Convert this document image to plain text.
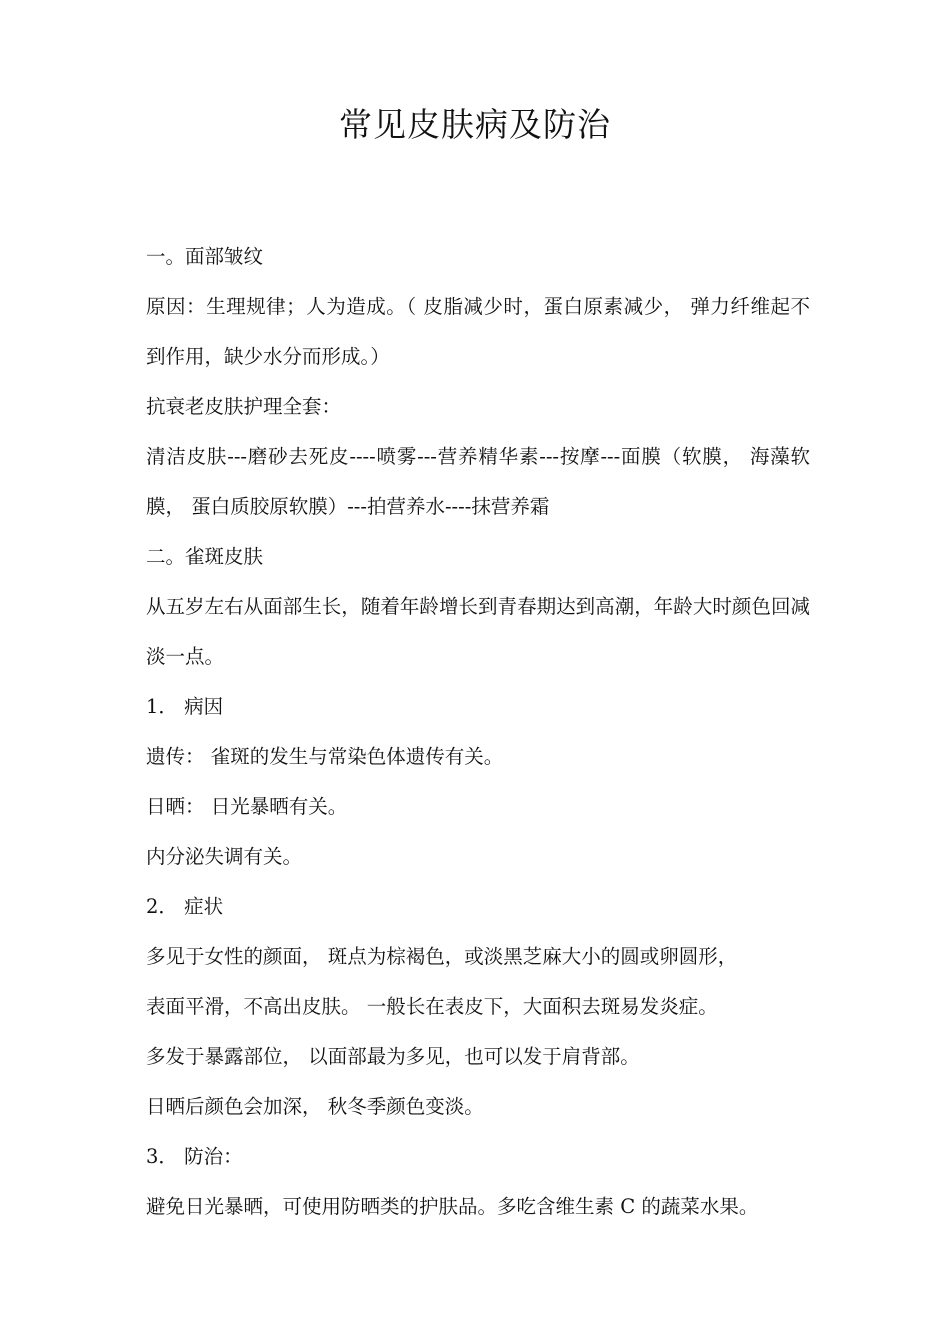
常见皮肤病及防治

一。面部皱纹

原因：生理规律；人为造成。（ 皮脂减少时，蛋白原素减少， 弹力纤维起不到作用，缺少水分而形成。）

抗衰老皮肤护理全套：

清洁皮肤---磨砂去死皮----喷雾---营养精华素---按摩---面膜（软膜， 海藻软膜， 蛋白质胶原软膜）---拍营养水----抹营养霜

二。雀斑皮肤

从五岁左右从面部生长，随着年龄增长到青春期达到高潮，年龄大时颜色回减淡一点。

1． 病因

遗传： 雀斑的发生与常染色体遗传有关。

日晒： 日光暴晒有关。

内分泌失调有关。

2． 症状

多见于女性的颜面， 斑点为棕褐色，或淡黑芝麻大小的圆或卵圆形，

表面平滑，不高出皮肤。 一般长在表皮下，大面积去斑易发炎症。

多发于暴露部位， 以面部最为多见，也可以发于肩背部。

日晒后颜色会加深， 秋冬季颜色变淡。

3． 防治：

避免日光暴晒，可使用防晒类的护肤品。多吃含维生素 C 的蔬菜水果。
